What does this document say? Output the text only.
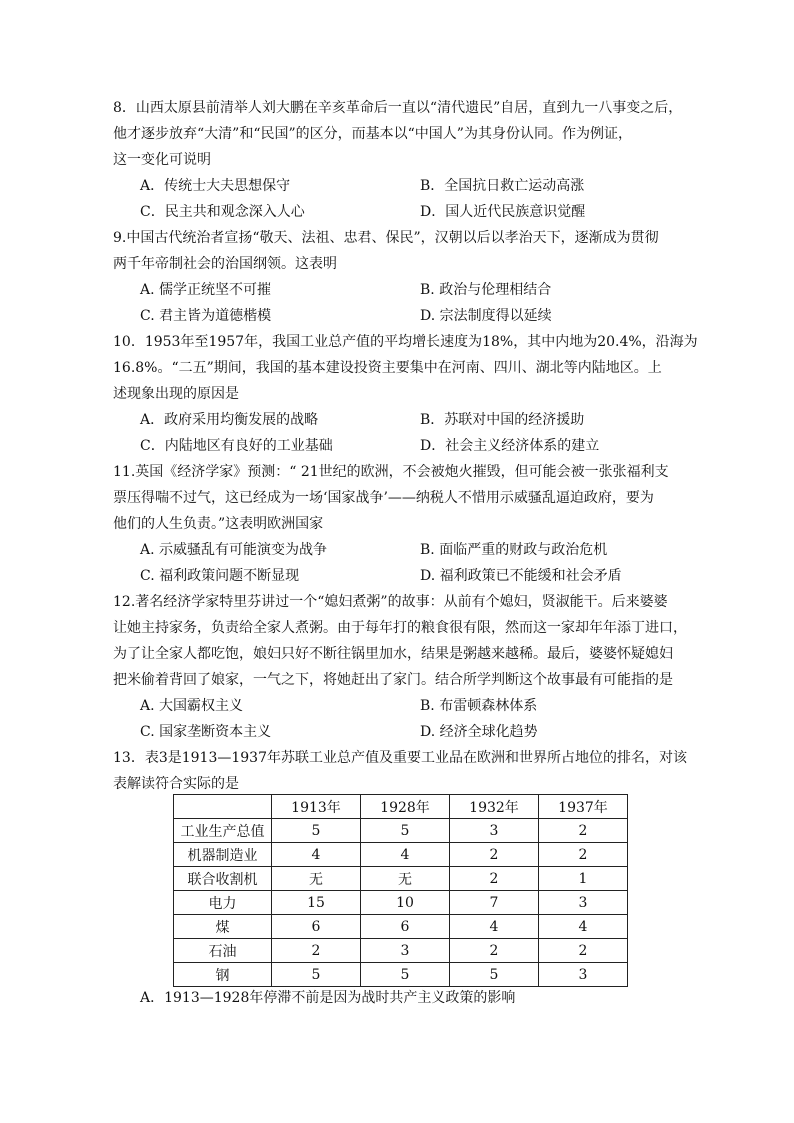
8．山西太原县前清举人刘大鹏在辛亥革命后一直以“清代遗民”自居，直到九一八事变之后，
他才逐步放弃“大清”和“民国”的区分，而基本以“中国人”为其身份认同。作为例证，
这一变化可说明
A．传统士大夫思想保守	B．全国抗日救亡运动高涨
C．民主共和观念深入人心	D．国人近代民族意识觉醒
9.中国古代统治者宣扬“敬天、法祖、忠君、保民”，汉朝以后以孝治天下，逐渐成为贯彻
两千年帝制社会的治国纲领。这表明
A. 儒学正统坚不可摧	B. 政治与伦理相结合
C. 君主皆为道德楷模	D. 宗法制度得以延续
10．1953年至1957年，我国工业总产值的平均增长速度为18%，其中内地为20.4%，沿海为
16.8%。“二五”期间，我国的基本建设投资主要集中在河南、四川、湖北等内陆地区。上
述现象出现的原因是
A．政府采用均衡发展的战略	B．苏联对中国的经济援助
C．内陆地区有良好的工业基础	D．社会主义经济体系的建立
11.英国《经济学家》预测：“ 21世纪的欧洲，不会被炮火摧毁，但可能会被一张张福利支
票压得喘不过气，这已经成为一场‘国家战争’——纳税人不惜用示威骚乱逼迫政府，要为
他们的人生负责。”这表明欧洲国家
A. 示威骚乱有可能演变为战争	B. 面临严重的财政与政治危机
C. 福利政策问题不断显现	D. 福利政策已不能缓和社会矛盾
12.著名经济学家特里芬讲过一个“媳妇煮粥”的故事：从前有个媳妇，贤淑能干。后来婆婆
让她主持家务，负责给全家人煮粥。由于每年打的粮食很有限，然而这一家却年年添丁进口，
为了让全家人都吃饱，娘妇只好不断往锅里加水，结果是粥越来越稀。最后，婆婆怀疑媳妇
把米偷着背回了娘家，一气之下，将她赶出了家门。结合所学判断这个故事最有可能指的是
A. 大国霸权主义	B. 布雷顿森林体系
C. 国家垄断资本主义	D. 经济全球化趋势
13．表3是1913—1937年苏联工业总产值及重要工业品在欧洲和世界所占地位的排名，对该
表解读符合实际的是
	1913年	1928年	1932年	1937年
工业生产总值	5	5	3	2
机器制造业	4	4	2	2
联合收割机	无	无	2	1
电力	15	10	7	3
煤	6	6	4	4
石油	2	3	2	2
钢	5	5	5	3
A．1913—1928年停滞不前是因为战时共产主义政策的影响
